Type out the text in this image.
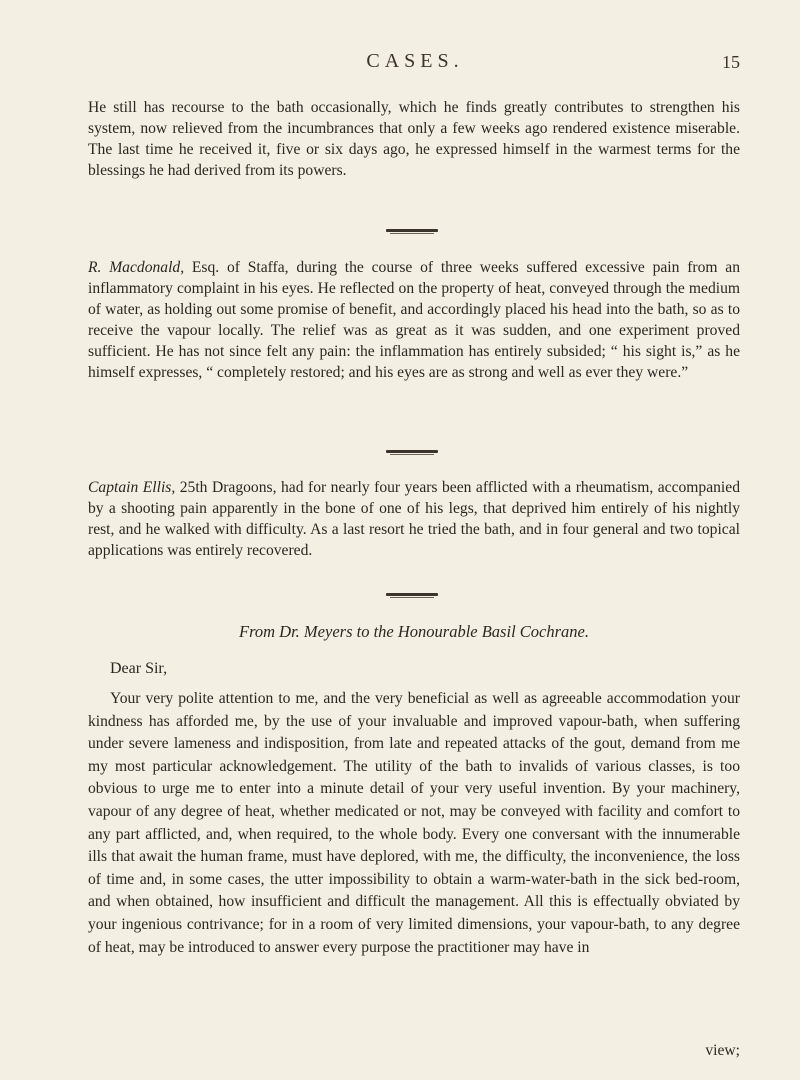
CASES.	15

He still has recourse to the bath occasionally, which he finds greatly contributes to strengthen his system, now relieved from the incumbrances that only a few weeks ago rendered existence miserable. The last time he received it, five or six days ago, he expressed himself in the warmest terms for the blessings he had derived from its powers.

R. Macdonald, Esq. of Staffa, during the course of three weeks suffered excessive pain from an inflammatory complaint in his eyes. He reflected on the property of heat, conveyed through the medium of water, as holding out some promise of benefit, and accordingly placed his head into the bath, so as to receive the vapour locally. The relief was as great as it was sudden, and one experiment proved sufficient. He has not since felt any pain: the inflammation has entirely subsided; “ his sight is,” as he himself expresses, “ completely restored; and his eyes are as strong and well as ever they were.”

Captain Ellis, 25th Dragoons, had for nearly four years been afflicted with a rheumatism, accompanied by a shooting pain apparently in the bone of one of his legs, that deprived him entirely of his nightly rest, and he walked with difficulty. As a last resort he tried the bath, and in four general and two topical applications was entirely recovered.

From Dr. Meyers to the Honourable Basil Cochrane.

Dear Sir,

Your very polite attention to me, and the very beneficial as well as agreeable accommodation your kindness has afforded me, by the use of your invaluable and improved vapour-bath, when suffering under severe lameness and indisposition, from late and repeated attacks of the gout, demand from me my most particular acknowledgement. The utility of the bath to invalids of various classes, is too obvious to urge me to enter into a minute detail of your very useful invention. By your machinery, vapour of any degree of heat, whether medicated or not, may be conveyed with facility and comfort to any part afflicted, and, when required, to the whole body. Every one conversant with the innumerable ills that await the human frame, must have deplored, with me, the difficulty, the inconvenience, the loss of time and, in some cases, the utter impossibility to obtain a warm-water-bath in the sick bed-room, and when obtained, how insufficient and difficult the management. All this is effectually obviated by your ingenious contrivance; for in a room of very limited dimensions, your vapour-bath, to any degree of heat, may be introduced to answer every purpose the practitioner may have in

view;
